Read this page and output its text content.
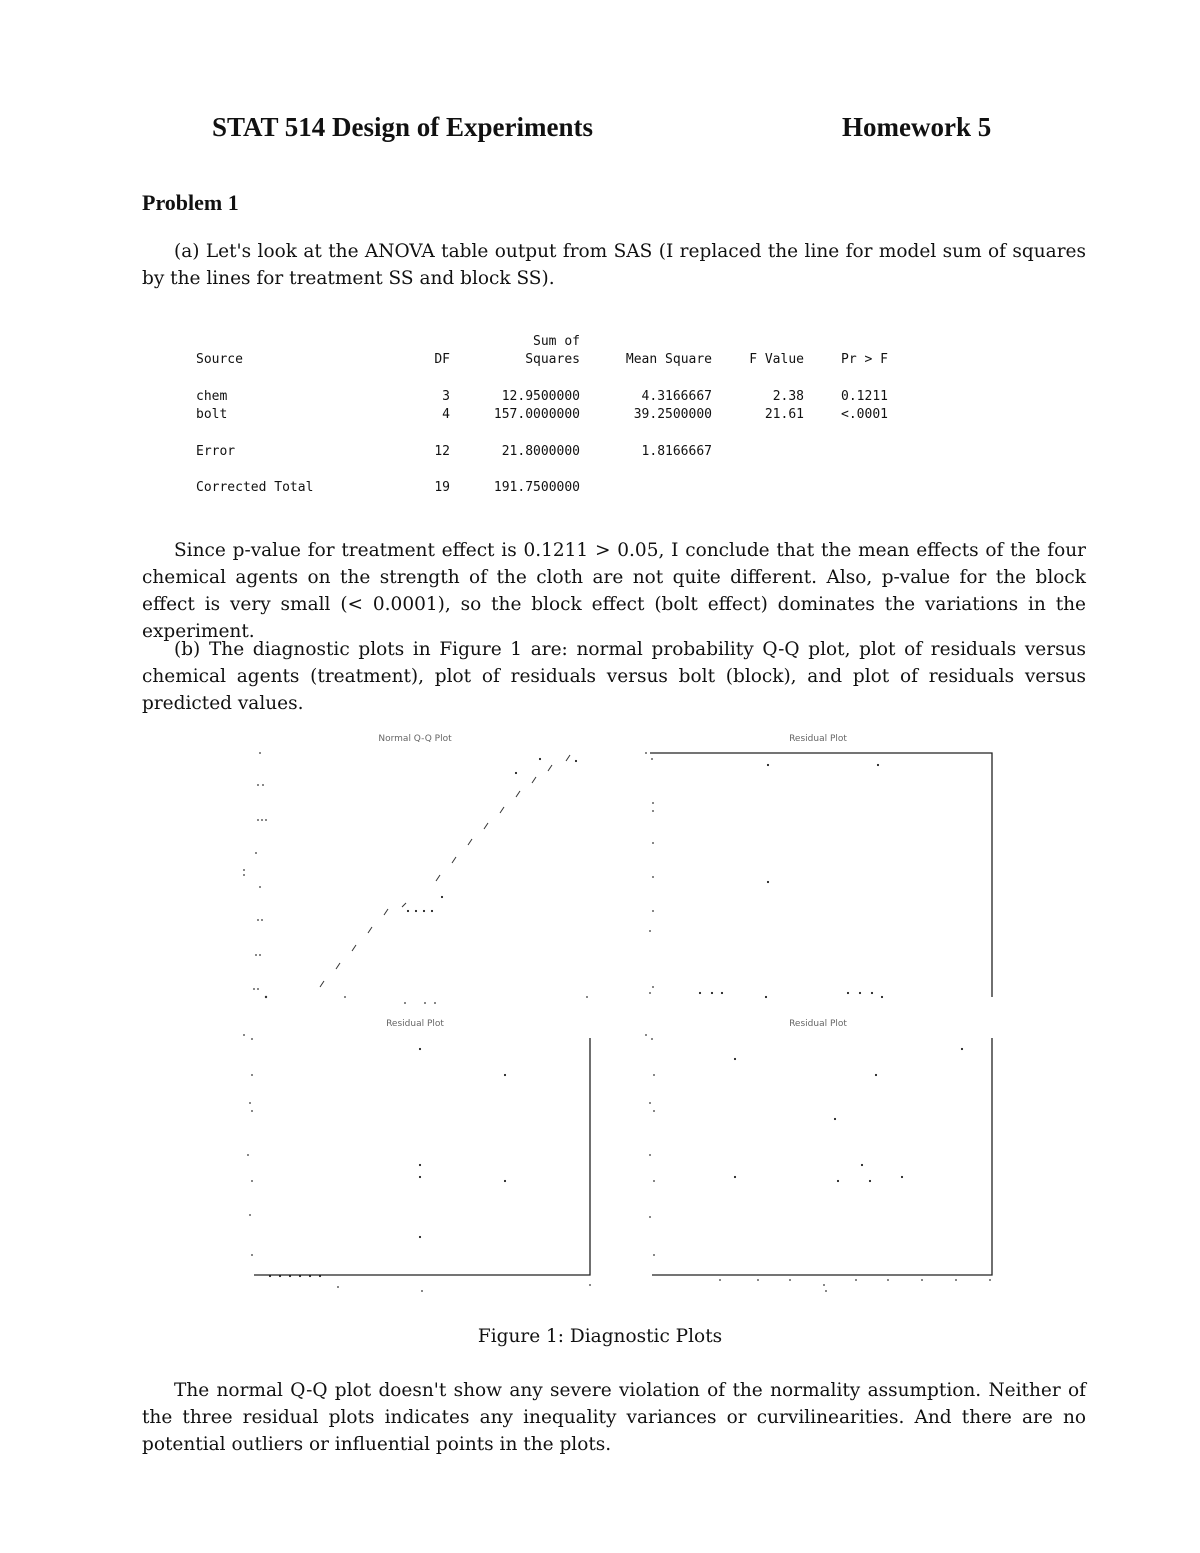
STAT 514 Design of Experiments	Homework 5
Problem 1
(a) Let's look at the ANOVA table output from SAS (I replaced the line for model sum of squares by the lines for treatment SS and block SS).
		Sum of			
Source	DF	Squares	Mean Square	F Value	Pr > F

chem	3	12.9500000	4.3166667	2.38	0.1211
bolt	4	157.0000000	39.2500000	21.61	<.0001

Error	12	21.8000000	1.8166667		

Corrected Total	19	191.7500000			
Since p-value for treatment effect is 0.1211 > 0.05, I conclude that the mean effects of the four chemical agents on the strength of the cloth are not quite different. Also, p-value for the block effect is very small (< 0.0001), so the block effect (bolt effect) dominates the variations in the experiment.
(b) The diagnostic plots in Figure 1 are: normal probability Q-Q plot, plot of residuals versus chemical agents (treatment), plot of residuals versus bolt (block), and plot of residuals versus predicted values.
Normal Q-Q Plot	Residual Plot
Residual Plot	Residual Plot
Figure 1: Diagnostic Plots
The normal Q-Q plot doesn't show any severe violation of the normality assumption. Neither of the three residual plots indicates any inequality variances or curvilinearities. And there are no potential outliers or influential points in the plots.
